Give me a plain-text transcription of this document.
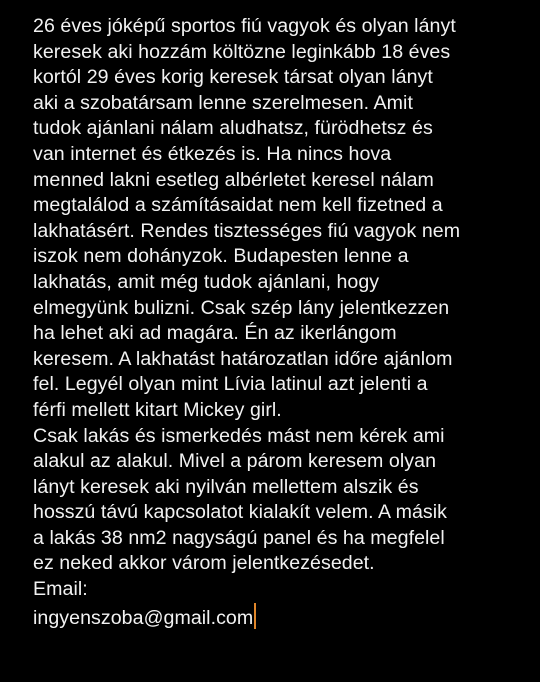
26 éves jóképű sportos fiú vagyok és olyan lányt
keresek aki hozzám költözne leginkább 18 éves
kortól 29 éves korig keresek társat olyan lányt
aki a szobatársam lenne szerelmesen. Amit
tudok ajánlani nálam aludhatsz, fürödhetsz és
van internet és étkezés is. Ha nincs hova
menned lakni esetleg albérletet keresel nálam
megtalálod a számításaidat nem kell fizetned a
lakhatásért. Rendes tisztességes fiú vagyok nem
iszok nem dohányzok. Budapesten lenne a
lakhatás, amit még tudok ajánlani, hogy
elmegyünk bulizni. Csak szép lány jelentkezzen
ha lehet aki ad magára. Én az ikerlángom
keresem. A lakhatást határozatlan időre ajánlom
fel. Legyél olyan mint Lívia latinul azt jelenti a
férfi mellett kitart Mickey girl.
Csak lakás és ismerkedés mást nem kérek ami
alakul az alakul. Mivel a párom keresem olyan
lányt keresek aki nyilván mellettem alszik és
hosszú távú kapcsolatot kialakít velem. A másik
a lakás 38 nm2 nagyságú panel és ha megfelel
ez neked akkor várom jelentkezésedet.
Email:
ingyenszoba@gmail.com
